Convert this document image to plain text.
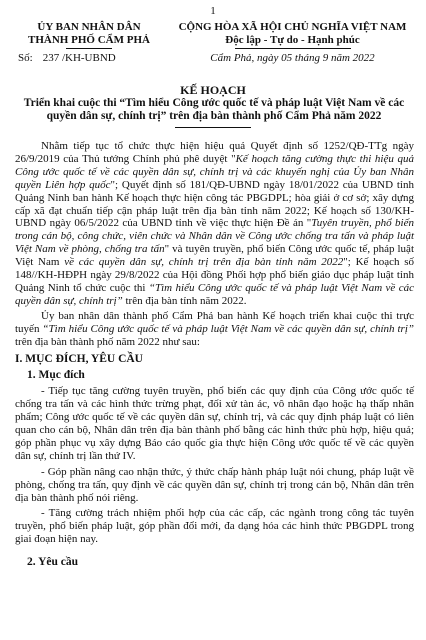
1
ỦY BAN NHÂN DÂN
THÀNH PHỐ CẨM PHẢ
CỘNG HÒA XÃ HỘI CHỦ NGHĨA VIỆT NAM
Độc lập - Tự do - Hạnh phúc
Số: 237 /KH-UBND	Cẩm Phả, ngày 05 tháng 9 năm 2022
KẾ HOẠCH
Triển khai cuộc thi “Tìm hiểu Công ước quốc tế và pháp luật Việt Nam về các quyền dân sự, chính trị” trên địa bàn thành phố Cẩm Phả năm 2022

Nhằm tiếp tục tổ chức thực hiện hiệu quả Quyết định số 1252/QĐ-TTg ngày 26/9/2019 của Thủ tướng Chính phủ phê duyệt "Kế hoạch tăng cường thực thi hiệu quả Công ước quốc tế về các quyền dân sự, chính trị và các khuyến nghị của Ủy ban Nhân quyền Liên hợp quốc"; Quyết định số 181/QĐ-UBND ngày 18/01/2022 của UBND tỉnh Quảng Ninh ban hành Kế hoạch thực hiện công tác PBGDPL; hòa giải ở cơ sở; xây dựng cấp xã đạt chuẩn tiếp cận pháp luật trên địa bàn tỉnh năm 2022; Kế hoạch số 130/KH-UBND ngày 06/5/2022 của UBND tỉnh về việc thực hiện Đề án "Tuyên truyền, phổ biến trong cán bộ, công chức, viên chức và Nhân dân về Công ước chống tra tấn và pháp luật Việt Nam về phòng, chống tra tấn" và tuyên truyền, phổ biến Công ước quốc tế, pháp luật Việt Nam về các quyền dân sự, chính trị trên địa bàn tỉnh năm 2022"; Kế hoạch số 148//KH-HĐPH ngày 29/8/2022 của Hội đồng Phối hợp phổ biến giáo dục pháp luật tỉnh Quảng Ninh tổ chức cuộc thi “Tìm hiểu Công ước quốc tế và pháp luật Việt Nam về các quyền dân sự, chính trị” trên địa bàn tỉnh năm 2022.

Ủy ban nhân dân thành phố Cẩm Phả ban hành Kế hoạch triển khai cuộc thi trực tuyến “Tìm hiểu Công ước quốc tế và pháp luật Việt Nam về các quyền dân sự, chính trị” trên địa bàn thành phố năm 2022 như sau:

I. MỤC ĐÍCH, YÊU CẦU
1. Mục đích

- Tiếp tục tăng cường tuyên truyền, phổ biến các quy định của Công ước quốc tế chống tra tấn và các hình thức trừng phạt, đối xử tàn ác, vô nhân đạo hoặc hạ thấp nhân phẩm; Công ước quốc tế về các quyền dân sự, chính trị, và các quy định pháp luật có liên quan cho cán bộ, Nhân dân trên địa bàn thành phố bằng các hình thức phù hợp, hiệu quả; góp phần phục vụ xây dựng Báo cáo quốc gia thực hiện Công ước quốc tế về các quyền dân sự, chính trị lần thứ IV.

- Góp phần nâng cao nhận thức, ý thức chấp hành pháp luật nói chung, pháp luật về phòng, chống tra tấn, quy định về các quyền dân sự, chính trị trong cán bộ, Nhân dân trên địa bàn thành phố nói riêng.

- Tăng cường trách nhiệm phối hợp của các cấp, các ngành trong công tác tuyên truyền, phổ biến pháp luật, góp phần đổi mới, đa dạng hóa các hình thức PBGDPL trong giai đoạn hiện nay.

2. Yêu cầu
